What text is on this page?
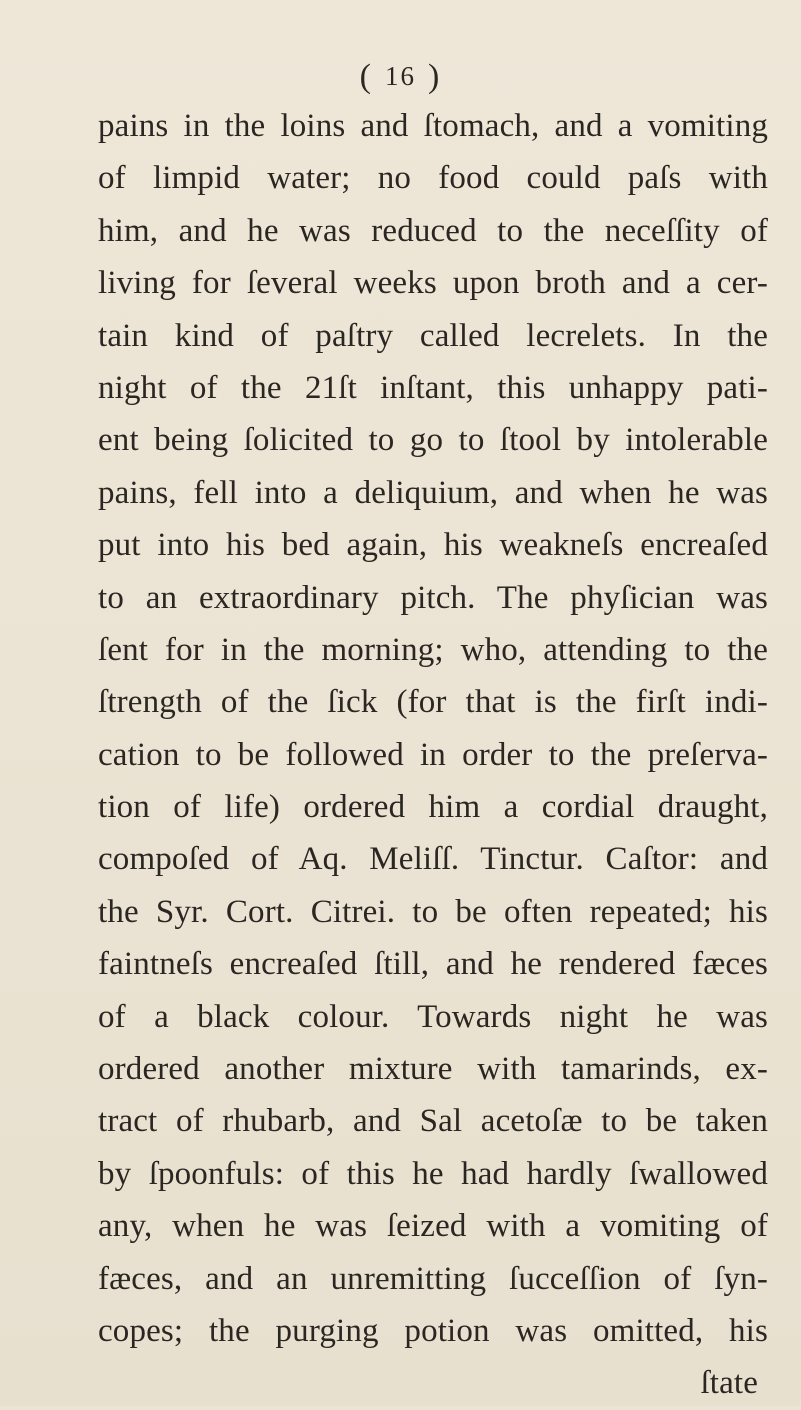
( 16 )
pains in the loins and ſtomach, and a vomiting
of limpid water; no food could paſs with
him, and he was reduced to the neceſſity of
living for ſeveral weeks upon broth and a cer-
tain kind of paſtry called lecrelets. In the
night of the 21ſt inſtant, this unhappy pati-
ent being ſolicited to go to ſtool by intolerable
pains, fell into a deliquium, and when he was
put into his bed again, his weakneſs encreaſed
to an extraordinary pitch. The phyſician was
ſent for in the morning; who, attending to the
ſtrength of the ſick (for that is the firſt indi-
cation to be followed in order to the preſerva-
tion of life) ordered him a cordial draught,
compoſed of Aq. Meliſſ. Tinctur. Caſtor: and
the Syr. Cort. Citrei. to be often repeated; his
faintneſs encreaſed ſtill, and he rendered fæces
of a black colour. Towards night he was
ordered another mixture with tamarinds, ex-
tract of rhubarb, and Sal acetoſæ to be taken
by ſpoonfuls: of this he had hardly ſwallowed
any, when he was ſeized with a vomiting of
fæces, and an unremitting ſucceſſion of ſyn-
copes; the purging potion was omitted, his
ſtate
